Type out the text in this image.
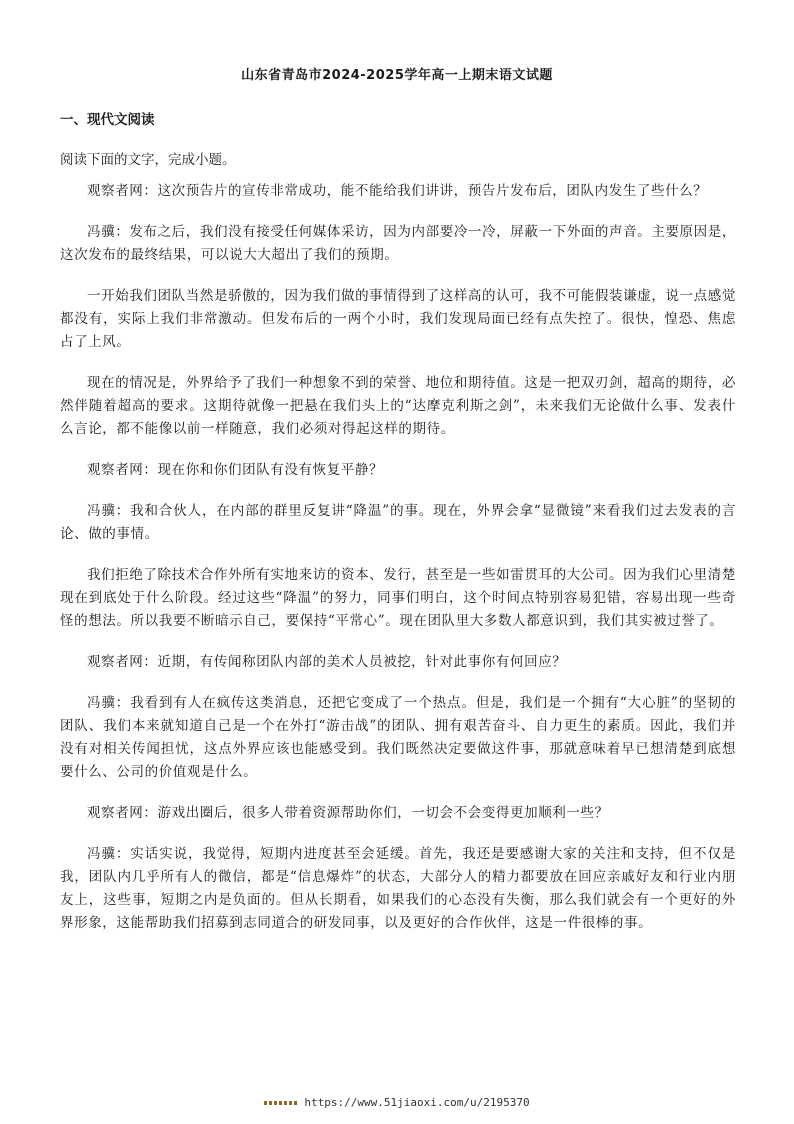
山东省青岛市2024-2025学年高一上期末语文试题
一、现代文阅读
阅读下面的文字，完成小题。

观察者网：这次预告片的宣传非常成功，能不能给我们讲讲，预告片发布后，团队内发生了些什么？

冯骥：发布之后，我们没有接受任何媒体采访，因为内部要冷一冷，屏蔽一下外面的声音。主要原因是，这次发布的最终结果，可以说大大超出了我们的预期。

一开始我们团队当然是骄傲的，因为我们做的事情得到了这样高的认可，我不可能假装谦虚，说一点感觉都没有，实际上我们非常激动。但发布后的一两个小时，我们发现局面已经有点失控了。很快，惶恐、焦虑占了上风。

现在的情况是，外界给予了我们一种想象不到的荣誉、地位和期待值。这是一把双刃剑，超高的期待，必然伴随着超高的要求。这期待就像一把悬在我们头上的“达摩克利斯之剑”，未来我们无论做什么事、发表什么言论，都不能像以前一样随意，我们必须对得起这样的期待。

观察者网：现在你和你们团队有没有恢复平静？

冯骥：我和合伙人，在内部的群里反复讲“降温”的事。现在，外界会拿“显微镜”来看我们过去发表的言论、做的事情。

我们拒绝了除技术合作外所有实地来访的资本、发行，甚至是一些如雷贯耳的大公司。因为我们心里清楚现在到底处于什么阶段。经过这些“降温”的努力，同事们明白，这个时间点特别容易犯错，容易出现一些奇怪的想法。所以我要不断暗示自己，要保持“平常心”。现在团队里大多数人都意识到，我们其实被过誉了。

观察者网：近期，有传闻称团队内部的美术人员被挖，针对此事你有何回应？

冯骥：我看到有人在疯传这类消息，还把它变成了一个热点。但是，我们是一个拥有“大心脏”的坚韧的团队、我们本来就知道自己是一个在外打“游击战”的团队、拥有艰苦奋斗、自力更生的素质。因此，我们并没有对相关传闻担忧，这点外界应该也能感受到。我们既然决定要做这件事，那就意味着早已想清楚到底想要什么、公司的价值观是什么。

观察者网：游戏出圈后，很多人带着资源帮助你们，一切会不会变得更加顺利一些？

冯骥：实话实说，我觉得，短期内进度甚至会延缓。首先，我还是要感谢大家的关注和支持，但不仅是我，团队内几乎所有人的微信，都是“信息爆炸”的状态，大部分人的精力都要放在回应亲戚好友和行业内朋友上，这些事，短期之内是负面的。但从长期看，如果我们的心态没有失衡，那么我们就会有一个更好的外界形象，这能帮助我们招募到志同道合的研发同事，以及更好的合作伙伴，这是一件很棒的事。

https://www.51jiaoxi.com/u/2195370
